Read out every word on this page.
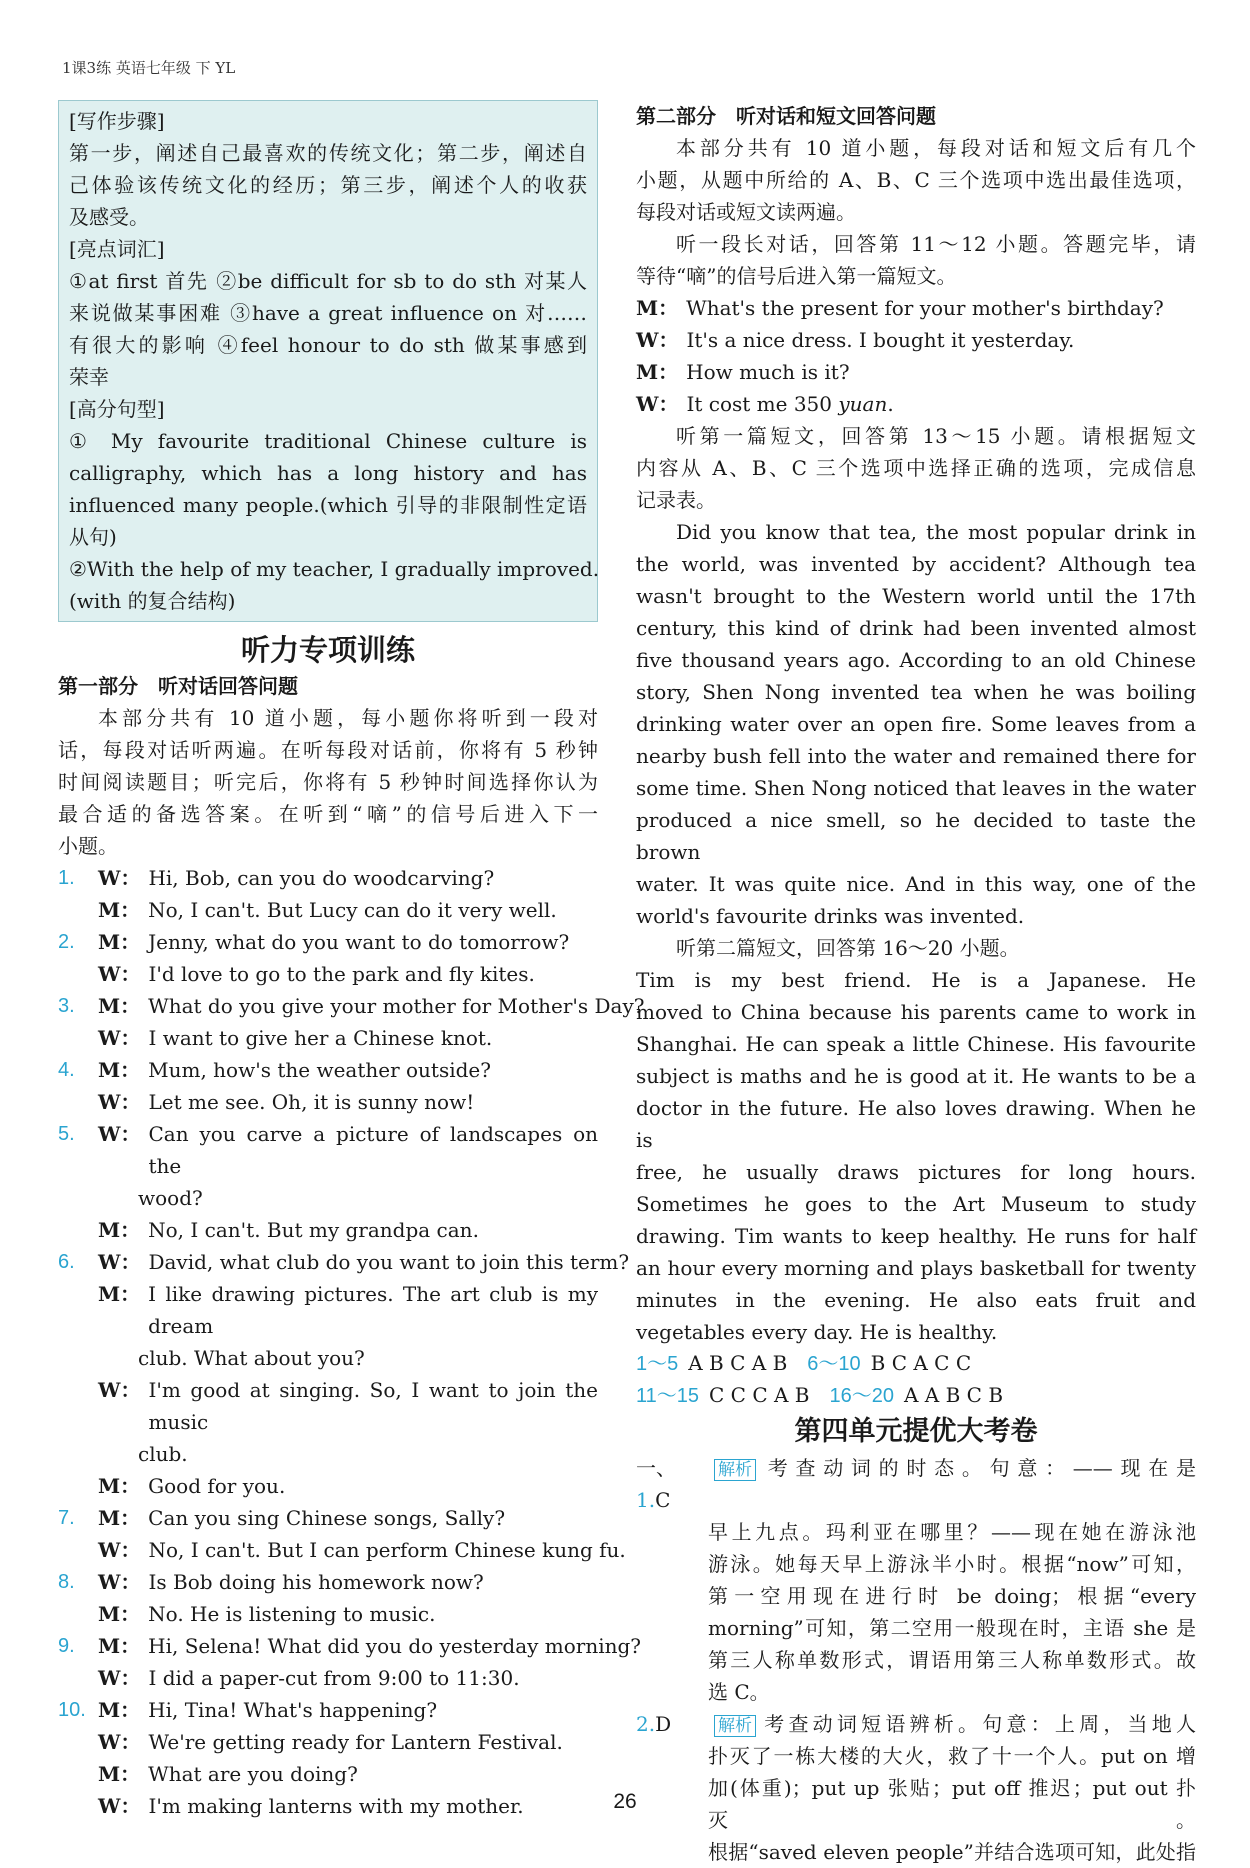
1课3练 英语七年级 下 YL
[写作步骤]
第一步，阐述自己最喜欢的传统文化；第二步，阐述自
己体验该传统文化的经历；第三步，阐述个人的收获
及感受。
[亮点词汇]
①at first 首先 ②be difficult for sb to do sth 对某人
来说做某事困难 ③have a great influence on 对……
有很大的影响 ④feel honour to do sth 做某事感到
荣幸
[高分句型]
① My favourite traditional Chinese culture is
calligraphy, which has a long history and has
influenced many people.(which 引导的非限制性定语
从句)
②With the help of my teacher, I gradually improved.
(with 的复合结构)
听力专项训练
第一部分　听对话回答问题
本部分共有 10 道小题，每小题你将听到一段对
话，每段对话听两遍。在听每段对话前，你将有 5 秒钟
时间阅读题目；听完后，你将有 5 秒钟时间选择你认为
最合适的备选答案。在听到“嘀”的信号后进入下一
小题。
1.	W： Hi, Bob, can you do woodcarving?
M： No, I can't. But Lucy can do it very well.
2.	M： Jenny, what do you want to do tomorrow?
W： I'd love to go to the park and fly kites.
3.	M： What do you give your mother for Mother's Day?
W： I want to give her a Chinese knot.
4.	M： Mum, how's the weather outside?
W： Let me see. Oh, it is sunny now!
5.	W： Can you carve a picture of landscapes on the
wood?
M： No, I can't. But my grandpa can.
6.	W： David, what club do you want to join this term?
M： I like drawing pictures. The art club is my dream
club. What about you?
W： I'm good at singing. So, I want to join the music
club.
M： Good for you.
7.	M： Can you sing Chinese songs, Sally?
W： No, I can't. But I can perform Chinese kung fu.
8.	W： Is Bob doing his homework now?
M： No. He is listening to music.
9.	M： Hi, Selena! What did you do yesterday morning?
W： I did a paper-cut from 9:00 to 11:30.
10. M： Hi, Tina! What's happening?
W： We're getting ready for Lantern Festival.
M： What are you doing?
W： I'm making lanterns with my mother.
第二部分　听对话和短文回答问题
本部分共有 10 道小题，每段对话和短文后有几个
小题，从题中所给的 A、B、C 三个选项中选出最佳选项，
每段对话或短文读两遍。
听一段长对话，回答第 11～12 小题。答题完毕，请
等待“嘀”的信号后进入第一篇短文。
M： What's the present for your mother's birthday?
W： It's a nice dress. I bought it yesterday.
M： How much is it?
W： It cost me 350 yuan.
听第一篇短文，回答第 13～15 小题。请根据短文
内容从 A、B、C 三个选项中选择正确的选项，完成信息
记录表。
Did you know that tea, the most popular drink in
the world, was invented by accident? Although tea
wasn't brought to the Western world until the 17th
century, this kind of drink had been invented almost
five thousand years ago. According to an old Chinese
story, Shen Nong invented tea when he was boiling
drinking water over an open fire. Some leaves from a
nearby bush fell into the water and remained there for
some time. Shen Nong noticed that leaves in the water
produced a nice smell, so he decided to taste the brown
water. It was quite nice. And in this way, one of the
world's favourite drinks was invented.
听第二篇短文，回答第 16～20 小题。
Tim is my best friend. He is a Japanese. He
moved to China because his parents came to work in
Shanghai. He can speak a little Chinese. His favourite
subject is maths and he is good at it. He wants to be a
doctor in the future. He also loves drawing. When he is
free, he usually draws pictures for long hours.
Sometimes he goes to the Art Museum to study
drawing. Tim wants to keep healthy. He runs for half
an hour every morning and plays basketball for twenty
minutes in the evening. He also eats fruit and
vegetables every day. He is healthy.
1～5  A B C A B  6～10  B C A C C
11～15  C C C A B  16～20  A A B C B
第四单元提优大考卷
一、1.C
解析 考查动词的时态。句意：——现在是
早上九点。玛利亚在哪里？——现在她在游泳池
游泳。她每天早上游泳半小时。根据“now”可知，
第一空用现在进行时 be doing；根据“every
morning”可知，第二空用一般现在时，主语 she 是
第三人称单数形式，谓语用第三人称单数形式。故
选 C。
2.D	解析 考查动词短语辨析。句意：上周，当地人
扑灭了一栋大楼的大火，救了十一个人。put on 增
加(体重)；put up 张贴；put off 推迟；put out 扑灭。
根据“saved eleven people”并结合选项可知，此处指
26
